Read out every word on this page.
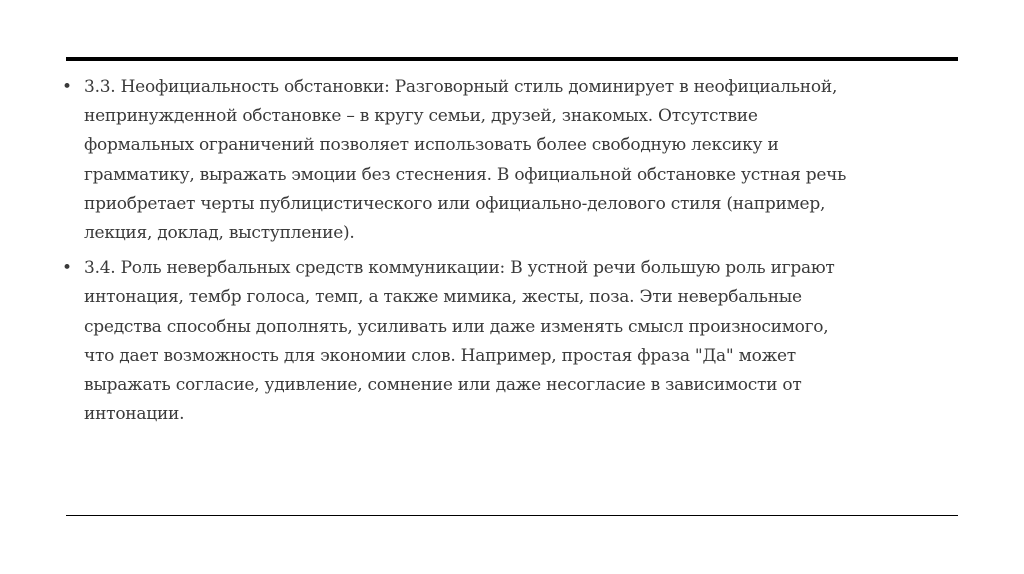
• 3.3. Неофициальность обстановки: Разговорный стиль доминирует в неофициальной,
непринужденной обстановке – в кругу семьи, друзей, знакомых. Отсутствие
формальных ограничений позволяет использовать более свободную лексику и
грамматику, выражать эмоции без стеснения. В официальной обстановке устная речь
приобретает черты публицистического или официально-делового стиля (например,
лекция, доклад, выступление).
• 3.4. Роль невербальных средств коммуникации: В устной речи большую роль играют
интонация, тембр голоса, темп, а также мимика, жесты, поза. Эти невербальные
средства способны дополнять, усиливать или даже изменять смысл произносимого,
что дает возможность для экономии слов. Например, простая фраза "Да" может
выражать согласие, удивление, сомнение или даже несогласие в зависимости от
интонации.
